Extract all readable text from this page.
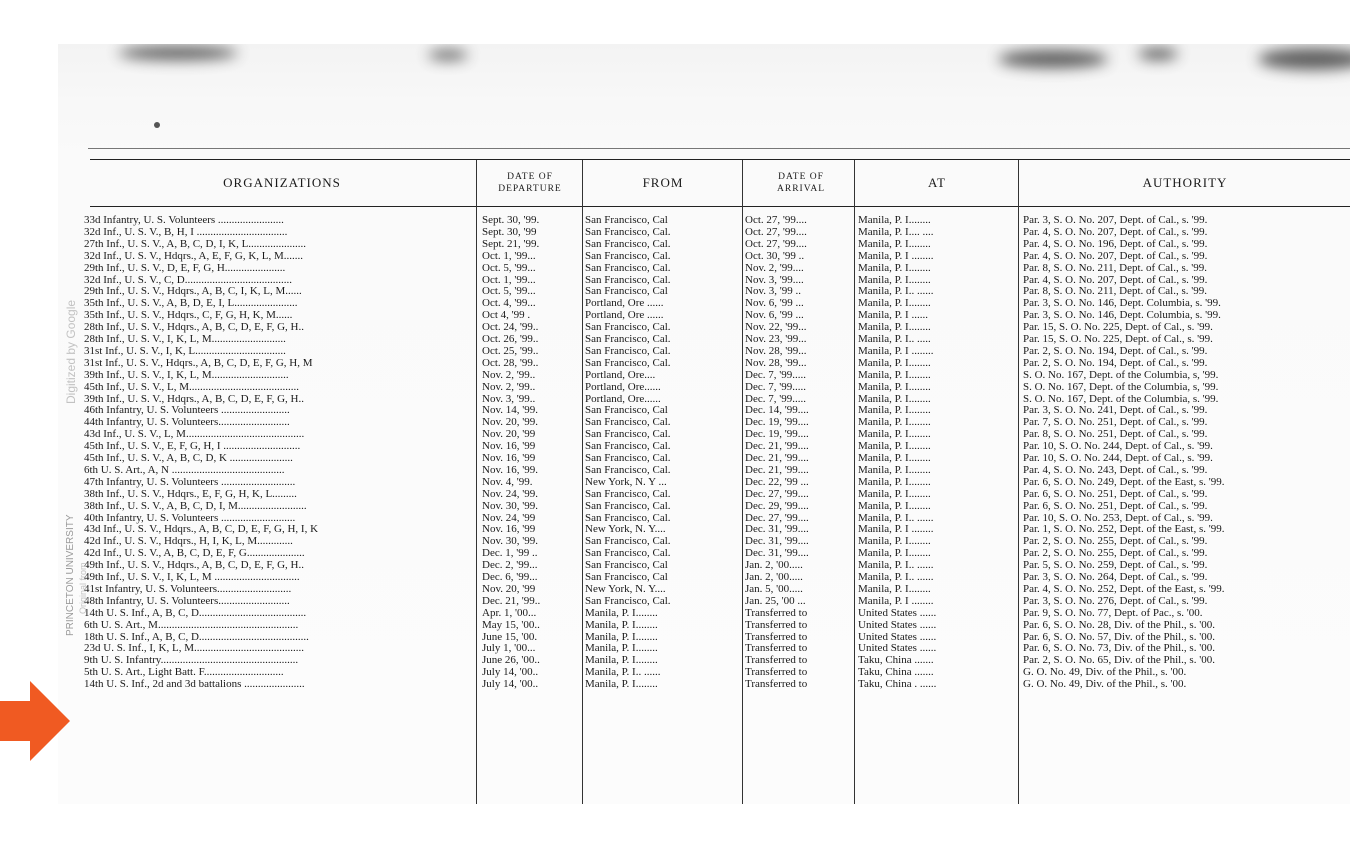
ORGANIZATIONS	DATE OF DEPARTURE	FROM	DATE OF ARRIVAL	AT	AUTHORITY
33d Infantry, U. S. Volunteers ........................	Sept. 30, '99.	San Francisco, Cal	Oct. 27, '99....	Manila, P. I........	Par. 3, S. O. No. 207, Dept. of Cal., s. '99.
32d Inf., U. S. V., B, H, I .................................	Sept. 30, '99	San Francisco, Cal.	Oct. 27, '99....	Manila, P. I.... ....	Par. 4, S. O. No. 207, Dept. of Cal., s. '99.
27th Inf., U. S. V., A, B, C, D, I, K, L.....................	Sept. 21, '99.	San Francisco, Cal.	Oct. 27, '99....	Manila, P. I........	Par. 4, S. O. No. 196, Dept. of Cal., s. '99.
32d Inf., U. S. V., Hdqrs., A, E, F, G, K, L, M.......	Oct. 1, '99...	San Francisco, Cal.	Oct. 30, '99 ..	Manila, P. I ........	Par. 4, S. O. No. 207, Dept. of Cal., s. '99.
29th Inf., U. S. V., D, E, F, G, H......................	Oct. 5, '99...	San Francisco, Cal.	Nov. 2, '99....	Manila, P. I........	Par. 8, S. O. No. 211, Dept. of Cal., s. '99.
32d Inf., U. S. V., C, D.......................................	Oct. 1, '99...	San Francisco, Cal.	Nov. 3, '99....	Manila, P. I........	Par. 4, S. O. No. 207, Dept. of Cal., s. '99.
29th Inf., U. S. V., Hdqrs., A, B, C, I, K, L, M......	Oct. 5, '99...	San Francisco, Cal	Nov. 3, '99 ..	Manila, P. I.. ......	Par. 8, S. O. No. 211, Dept. of Cal., s. '99.
35th Inf., U. S. V., A, B, D, E, I, L.......................	Oct. 4, '99...	Portland, Ore ......	Nov. 6, '99 ...	Manila, P. I........	Par. 3, S. O. No. 146, Dept. Columbia, s. '99.
35th Inf., U. S. V., Hdqrs., C, F, G, H, K, M......	Oct 4, '99 .	Portland, Ore ......	Nov. 6, '99 ...	Manila, P. I ......	Par. 3, S. O. No. 146, Dept. Columbia, s. '99.
28th Inf., U. S. V., Hdqrs., A, B, C, D, E, F, G, H..	Oct. 24, '99..	San Francisco, Cal.	Nov. 22, '99...	Manila, P. I........	Par. 15, S. O. No. 225, Dept. of Cal., s. '99.
28th Inf., U. S. V., I, K, L, M...........................	Oct. 26, '99..	San Francisco, Cal.	Nov. 23, '99...	Manila, P. I.. .....	Par. 15, S. O. No. 225, Dept. of Cal., s. '99.
31st Inf., U. S. V., I, K, L.................................	Oct. 25, '99..	San Francisco, Cal.	Nov. 28, '99...	Manila, P. I ........	Par. 2, S. O. No. 194, Dept. of Cal., s. '99.
31st Inf., U. S. V., Hdqrs., A, B, C, D, E, F, G, H, M	Oct. 28, '99..	San Francisco, Cal.	Nov. 28, '99...	Manila, P. I........	Par. 2, S. O. No. 194, Dept. of Cal., s. '99.
39th Inf., U. S. V., I, K, L, M............................	Nov. 2, '99..	Portland, Ore....	Dec. 7, '99.....	Manila, P. I........	S. O. No. 167, Dept. of the Columbia, s, '99.
45th Inf., U. S. V., L, M........................................	Nov. 2, '99..	Portland, Ore......	Dec. 7, '99.....	Manila, P. I........	S. O. No. 167, Dept. of the Columbia, s, '99.
39th Inf., U. S. V., Hdqrs., A, B, C, D, E, F, G, H..	Nov. 3, '99..	Portland, Ore......	Dec. 7, '99.....	Manila, P. I........	S. O. No. 167, Dept. of the Columbia, s. '99.
46th Infantry, U. S. Volunteers .........................	Nov. 14, '99.	San Francisco, Cal	Dec. 14, '99....	Manila, P. I........	Par. 3, S. O. No. 241, Dept. of Cal., s. '99.
44th Infantry, U. S. Volunteers..........................	Nov. 20, '99.	San Francisco, Cal.	Dec. 19, '99....	Manila, P. I........	Par. 7, S. O. No. 251, Dept. of Cal., s. '99.
43d Inf., U. S. V., L, M...........................................	Nov. 20, '99	San Francisco, Cal.	Dec. 19, '99....	Manila, P. I........	Par. 8, S. O. No. 251, Dept. of Cal., s. '99.
45th Inf., U. S. V., E, F, G, H, I ............................	Nov. 16, '99	San Francisco, Cal.	Dec. 21, '99....	Manila, P. I........	Par. 10, S. O. No. 244, Dept. of Cal., s. '99.
45th Inf., U. S. V., A, B, C, D, K .......................	Nov. 16, '99	San Francisco, Cal.	Dec. 21, '99....	Manila, P. I........	Par. 10, S. O. No. 244, Dept. of Cal., s. '99.
6th U. S. Art., A, N .........................................	Nov. 16, '99.	San Francisco, Cal.	Dec. 21, '99....	Manila, P. I........	Par. 4, S. O. No. 243, Dept. of Cal., s. '99.
47th Infantry, U. S. Volunteers ...........................	Nov. 4, '99.	New York, N. Y ...	Dec. 22, '99 ...	Manila, P. I........	Par. 6, S. O. No. 249, Dept. of the East, s. '99.
38th Inf., U. S. V., Hdqrs., E, F, G, H, K, L.........	Nov. 24, '99.	San Francisco, Cal.	Dec. 27, '99....	Manila, P. I........	Par. 6, S. O. No. 251, Dept. of Cal., s. '99.
38th Inf., U. S. V., A, B, C, D, I, M.........................	Nov. 30, '99.	San Francisco, Cal.	Dec. 29, '99....	Manila, P. I........	Par. 6, S. O. No. 251, Dept. of Cal., s. '99.
40th Infantry, U. S. Volunteers ...........................	Nov. 24, '99	San Francisco, Cal.	Dec. 27, '99....	Manila, P. I.. ......	Par. 10, S. O. No. 253, Dept. of Cal., s. '99.
43d Inf., U. S. V., Hdqrs., A, B, C, D, E, F, G, H, I, K	Nov. 16, '99	New York, N. Y....	Dec. 31, '99....	Manila, P. I ........	Par. 1, S. O. No. 252, Dept. of the East, s. '99.
42d Inf., U. S. V., Hdqrs., H, I, K, L, M.............	Nov. 30, '99.	San Francisco, Cal.	Dec. 31, '99....	Manila, P. I........	Par. 2, S. O. No. 255, Dept. of Cal., s. '99.
42d Inf., U. S. V., A, B, C, D, E, F, G.....................	Dec. 1, '99 ..	San Francisco, Cal.	Dec. 31, '99....	Manila, P. I........	Par. 2, S. O. No. 255, Dept. of Cal., s. '99.
49th Inf., U. S. V., Hdqrs., A, B, C, D, E, F, G, H..	Dec. 2, '99...	San Francisco, Cal	Jan. 2, '00.....	Manila, P. I.. ......	Par. 5, S. O. No. 259, Dept. of Cal., s. '99.
49th Inf., U. S. V., I, K, L, M ...............................	Dec. 6, '99...	San Francisco, Cal	Jan. 2, '00.....	Manila, P. I.. ......	Par. 3, S. O. No. 264, Dept. of Cal., s. '99.
41st Infantry, U. S. Volunteers...........................	Nov. 20, '99	New York, N. Y....	Jan. 5, '00.....	Manila, P. I........	Par. 4, S. O. No. 252, Dept. of the East, s. '99.
48th Infantry, U. S. Volunteers..........................	Dec. 21, '99..	San Francisco, Cal.	Jan. 25, '00 ...	Manila, P. I ........	Par. 3, S. O. No. 276, Dept. of Cal., s. '99.
14th U. S. Inf., A, B, C, D.......................................	Apr. 1, '00...	Manila, P. I........	Transferred to	United States ......	Par. 9, S. O. No. 77, Dept. of Pac., s. '00.
6th U. S. Art., M...................................................	May 15, '00..	Manila, P. I........	Transferred to	United States ......	Par. 6, S. O. No. 28, Div. of the Phil., s. '00.
18th U. S. Inf., A, B, C, D........................................	June 15, '00.	Manila, P. I........	Transferred to	United States ......	Par. 6, S. O. No. 57, Div. of the Phil., s. '00.
23d U. S. Inf., I, K, L, M........................................	July 1, '00...	Manila, P. I........	Transferred to	United States ......	Par. 6, S. O. No. 73, Div. of the Phil., s. '00.
9th U. S. Infantry..................................................	June 26, '00..	Manila, P. I........	Transferred to	Taku, China .......	Par. 2, S. O. No. 65, Div. of the Phil., s. '00.
5th U. S. Art., Light Batt. F.............................	July 14, '00..	Manila, P. I.. ......	Transferred to	Taku, China .......	G. O. No. 49, Div. of the Phil., s. '00.
14th U. S. Inf., 2d and 3d battalions ......................	July 14, '00..	Manila, P. I........	Transferred to	Taku, China . ......	G. O. No. 49, Div. of the Phil., s. '00.
Digitized by Google
Original from
PRINCETON UNIVERSITY
